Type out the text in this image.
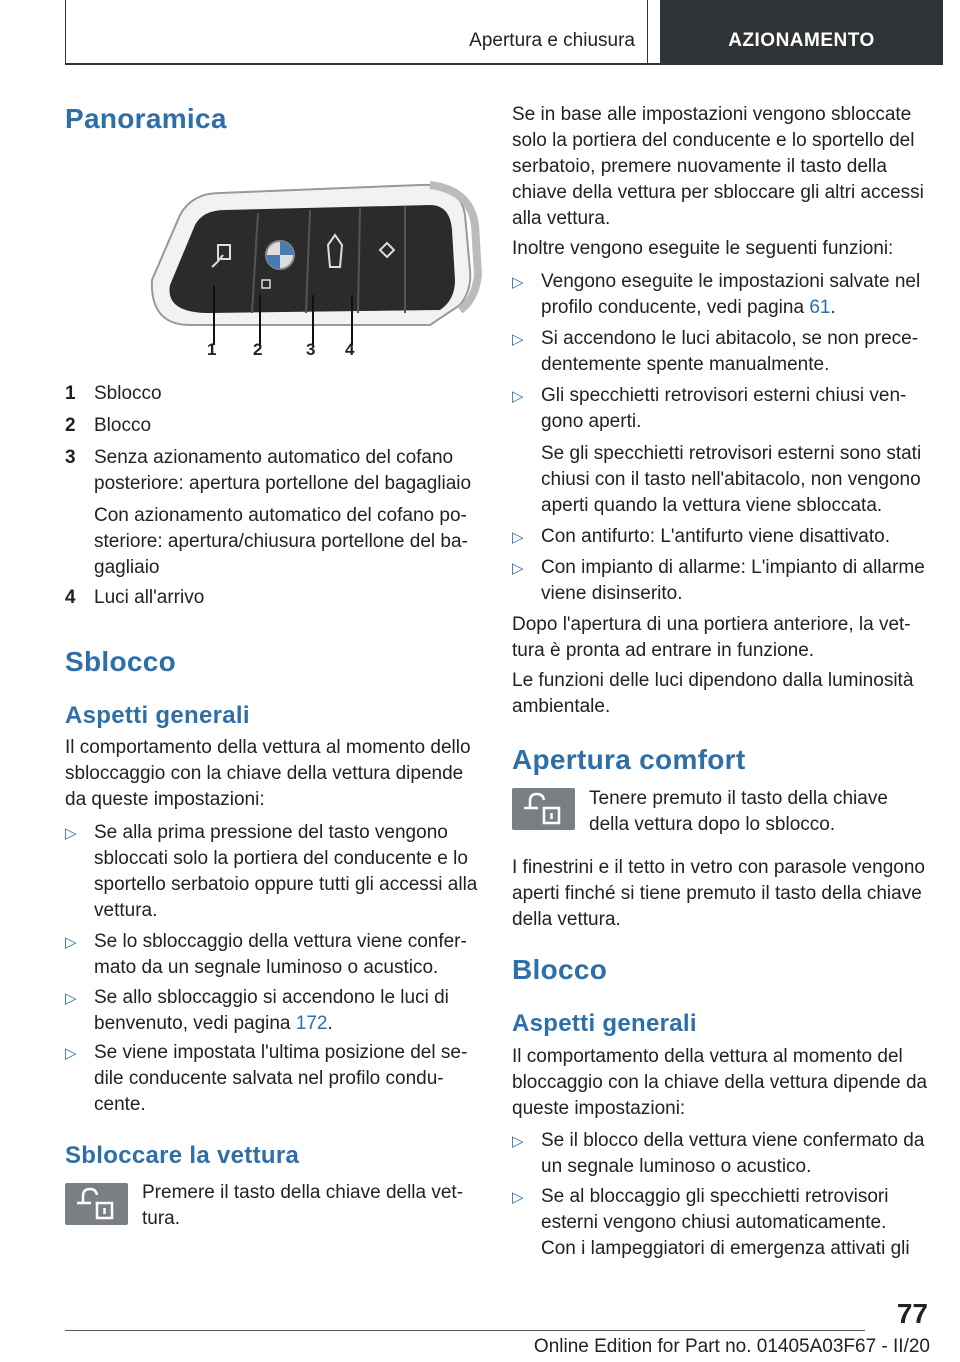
Apertura e chiusura	AZIONAMENTO
Panoramica
1 2	3 4
1 Sblocco
2 Blocco
3 Senza azionamento automatico del cofano
posteriore: apertura portellone del bagagliaio
Con azionamento automatico del cofano po-
steriore: apertura/chiusura portellone del ba-
gagliaio
4 Luci all'arrivo
Sblocco
Aspetti generali
Il comportamento della vettura al momento dello
sbloccaggio con la chiave della vettura dipende
da queste impostazioni:
▷ Se alla prima pressione del tasto vengono
sbloccati solo la portiera del conducente e lo
sportello serbatoio oppure tutti gli accessi alla
vettura.
▷ Se lo sbloccaggio della vettura viene confer-
mato da un segnale luminoso o acustico.
▷ Se allo sbloccaggio si accendono le luci di
benvenuto, vedi pagina 172.
▷ Se viene impostata l'ultima posizione del se-
dile conducente salvata nel profilo condu-
cente.
Sbloccare la vettura
Premere il tasto della chiave della vet-
tura.
Se in base alle impostazioni vengono sbloccate
solo la portiera del conducente e lo sportello del
serbatoio, premere nuovamente il tasto della
chiave della vettura per sbloccare gli altri accessi
alla vettura.
Inoltre vengono eseguite le seguenti funzioni:
▷ Vengono eseguite le impostazioni salvate nel
profilo conducente, vedi pagina 61.
▷ Si accendono le luci abitacolo, se non prece-
dentemente spente manualmente.
▷ Gli specchietti retrovisori esterni chiusi ven-
gono aperti.
Se gli specchietti retrovisori esterni sono stati
chiusi con il tasto nell'abitacolo, non vengono
aperti quando la vettura viene sbloccata.
▷ Con antifurto: L'antifurto viene disattivato.
▷ Con impianto di allarme: L'impianto di allarme
viene disinserito.
Dopo l'apertura di una portiera anteriore, la vet-
tura è pronta ad entrare in funzione.
Le funzioni delle luci dipendono dalla luminosità
ambientale.
Apertura comfort
Tenere premuto il tasto della chiave
della vettura dopo lo sblocco.
I finestrini e il tetto in vetro con parasole vengono
aperti finché si tiene premuto il tasto della chiave
della vettura.
Blocco
Aspetti generali
Il comportamento della vettura al momento del
bloccaggio con la chiave della vettura dipende da
queste impostazioni:
▷ Se il blocco della vettura viene confermato da
un segnale luminoso o acustico.
▷ Se al bloccaggio gli specchietti retrovisori
esterni vengono chiusi automaticamente.
Con i lampeggiatori di emergenza attivati gli
77
Online Edition for Part no. 01405A03F67 - II/20
